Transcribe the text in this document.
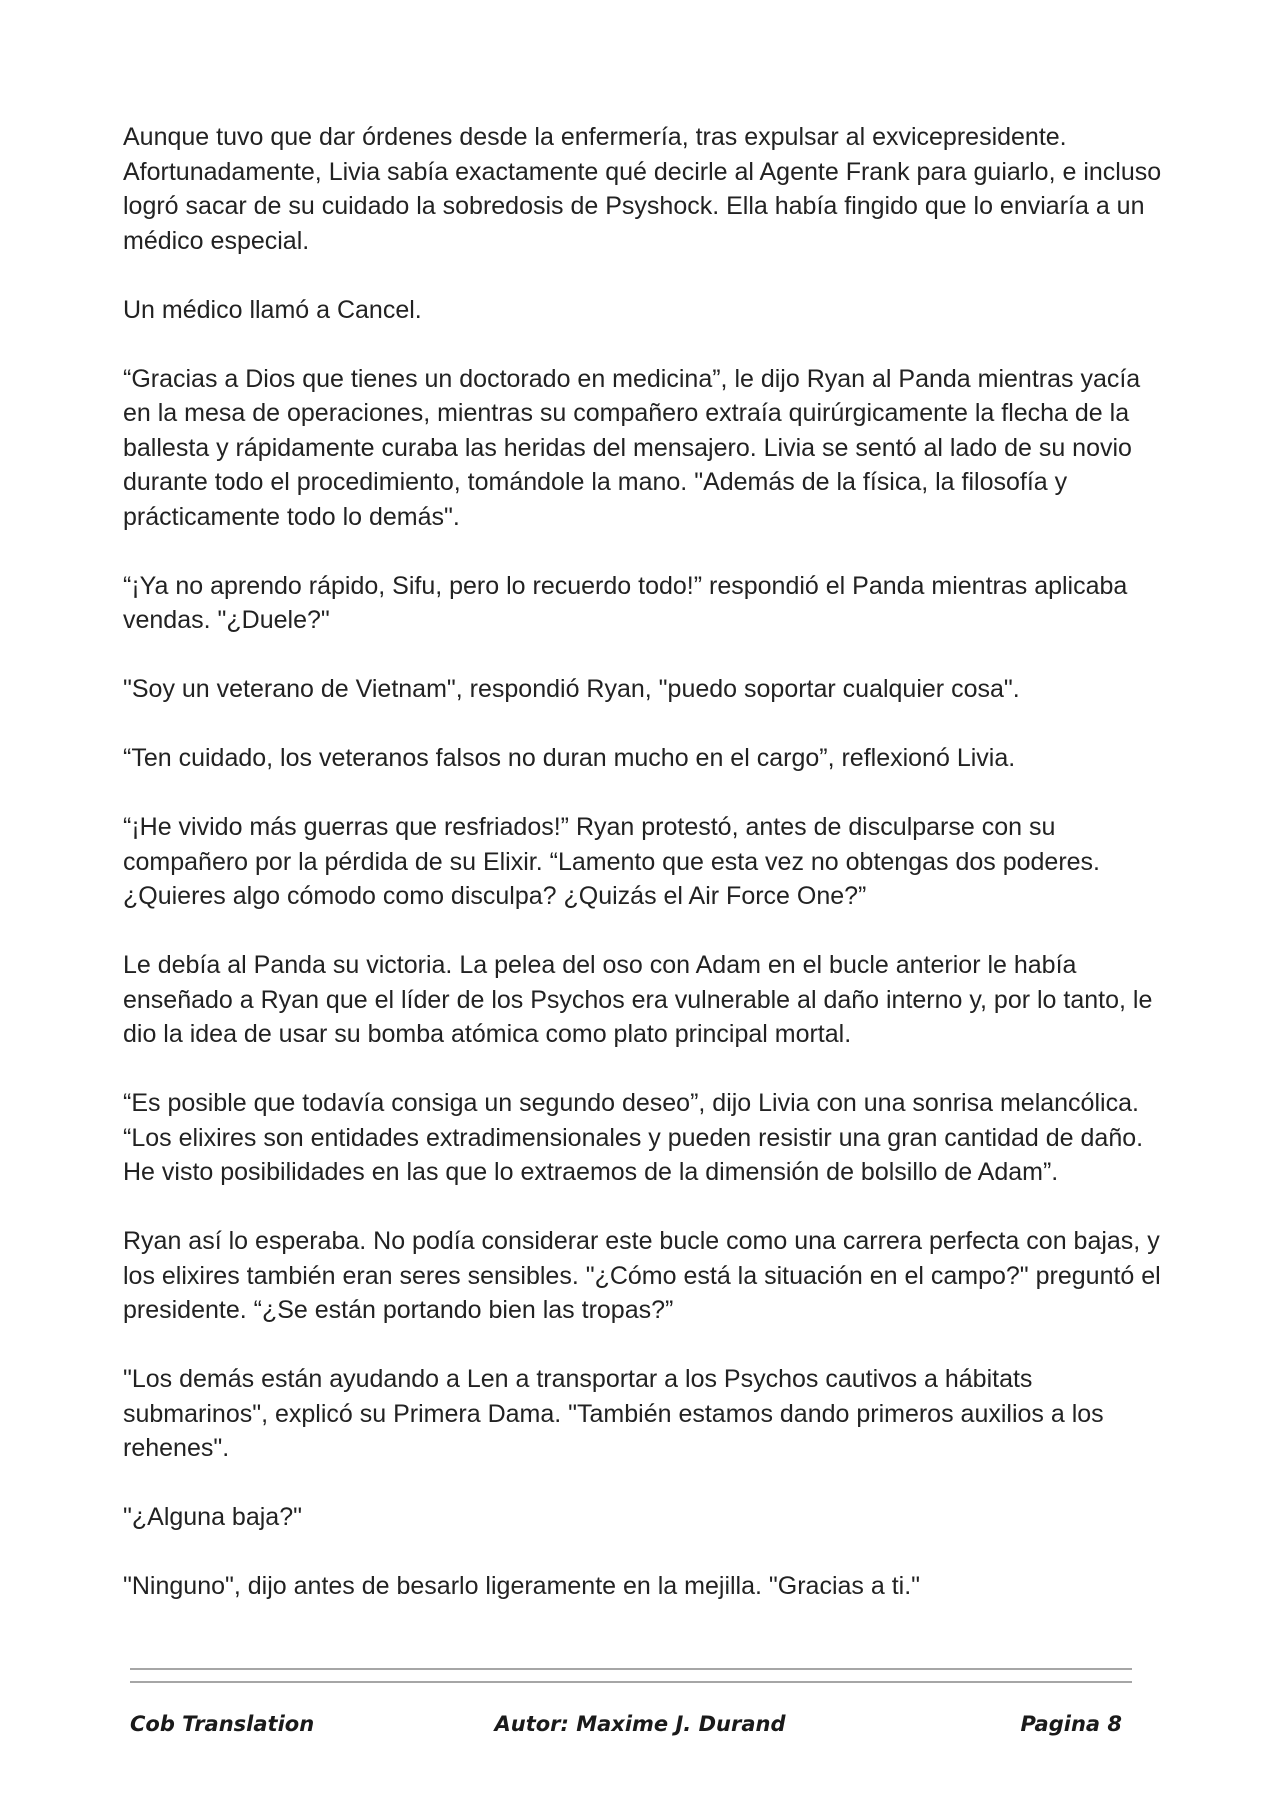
Aunque tuvo que dar órdenes desde la enfermería, tras expulsar al exvicepresidente. Afortunadamente, Livia sabía exactamente qué decirle al Agente Frank para guiarlo, e incluso logró sacar de su cuidado la sobredosis de Psyshock. Ella había fingido que lo enviaría a un médico especial.

Un médico llamó a Cancel.

“Gracias a Dios que tienes un doctorado en medicina”, le dijo Ryan al Panda mientras yacía en la mesa de operaciones, mientras su compañero extraía quirúrgicamente la flecha de la ballesta y rápidamente curaba las heridas del mensajero. Livia se sentó al lado de su novio durante todo el procedimiento, tomándole la mano. "Además de la física, la filosofía y prácticamente todo lo demás".

“¡Ya no aprendo rápido, Sifu, pero lo recuerdo todo!” respondió el Panda mientras aplicaba vendas. "¿Duele?"

"Soy un veterano de Vietnam", respondió Ryan, "puedo soportar cualquier cosa".

“Ten cuidado, los veteranos falsos no duran mucho en el cargo”, reflexionó Livia.

“¡He vivido más guerras que resfriados!” Ryan protestó, antes de disculparse con su compañero por la pérdida de su Elixir. “Lamento que esta vez no obtengas dos poderes. ¿Quieres algo cómodo como disculpa? ¿Quizás el Air Force One?”

Le debía al Panda su victoria. La pelea del oso con Adam en el bucle anterior le había enseñado a Ryan que el líder de los Psychos era vulnerable al daño interno y, por lo tanto, le dio la idea de usar su bomba atómica como plato principal mortal.

“Es posible que todavía consiga un segundo deseo”, dijo Livia con una sonrisa melancólica. “Los elixires son entidades extradimensionales y pueden resistir una gran cantidad de daño. He visto posibilidades en las que lo extraemos de la dimensión de bolsillo de Adam”.

Ryan así lo esperaba. No podía considerar este bucle como una carrera perfecta con bajas, y los elixires también eran seres sensibles. "¿Cómo está la situación en el campo?" preguntó el presidente. “¿Se están portando bien las tropas?”

"Los demás están ayudando a Len a transportar a los Psychos cautivos a hábitats submarinos", explicó su Primera Dama. "También estamos dando primeros auxilios a los rehenes".

"¿Alguna baja?"

"Ninguno", dijo antes de besarlo ligeramente en la mejilla. "Gracias a ti."

Cob Translation	Autor: Maxime J. Durand	Pagina 8
